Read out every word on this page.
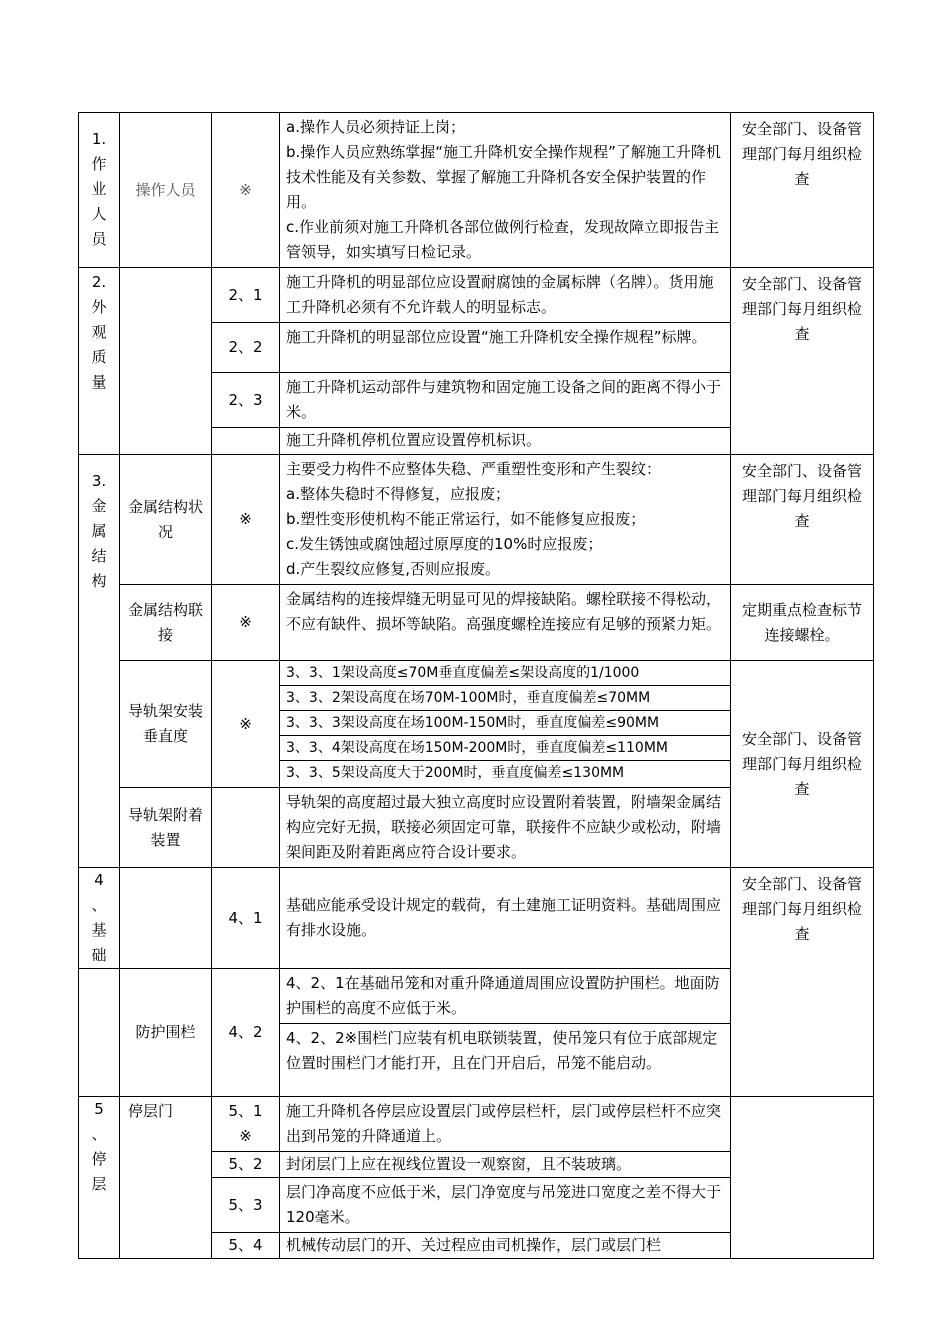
1.作业人员	操作人员	※	a.操作人员必须持证上岗；
b.操作人员应熟练掌握“施工升降机安全操作规程”了解施工升降机技术性能及有关参数、掌握了解施工升降机各安全保护装置的作用。
c.作业前须对施工升降机各部位做例行检查，发现故障立即报告主管领导，如实填写日检记录。	安全部门、设备管理部门每月组织检查

2.外观质量		2、1	施工升降机的明显部位应设置耐腐蚀的金属标牌（名牌）。货用施工升降机必须有不允许载人的明显标志。	安全部门、设备管理部门每月组织检查
		2、2	施工升降机的明显部位应设置“施工升降机安全操作规程”标牌。	
		2、3	施工升降机运动部件与建筑物和固定施工设备之间的距离不得小于米。	
			施工升降机停机位置应设置停机标识。	

3.金属结构	金属结构状况	※	主要受力构件不应整体失稳、严重塑性变形和产生裂纹：
a.整体失稳时不得修复，应报废；
b.塑性变形使机构不能正常运行，如不能修复应报废；
c.发生锈蚀或腐蚀超过原厚度的10%时应报废；
d.产生裂纹应修复,否则应报废。	安全部门、设备管理部门每月组织检查
	金属结构联接	※	金属结构的连接焊缝无明显可见的焊接缺陷。螺栓联接不得松动，不应有缺件、损坏等缺陷。高强度螺栓连接应有足够的预紧力矩。	定期重点检查标节连接螺栓。
	导轨架安装垂直度	※	3、3、1架设高度≤70M垂直度偏差≤架设高度的1/1000
3、3、2架设高度在场70M-100M时，垂直度偏差≤70MM
3、3、3架设高度在场100M-150M时，垂直度偏差≤90MM
3、3、4架设高度在场150M-200M时，垂直度偏差≤110MM
3、3、5架设高度大于200M时，垂直度偏差≤130MM	安全部门、设备管理部门每月组织检查
	导轨架附着装置		导轨架的高度超过最大独立高度时应设置附着装置，附墙架金属结构应完好无损，联接必须固定可靠，联接件不应缺少或松动，附墙架间距及附着距离应符合设计要求。	

4
、
基础		4、1	基础应能承受设计规定的载荷，有土建施工证明资料。基础周围应有排水设施。	安全部门、设备管理部门每月组织检查
	防护围栏	4、2	4、2、1在基础吊笼和对重升降通道周围应设置防护围栏。地面防护围栏的高度不应低于米。
4、2、2※围栏门应装有机电联锁装置，使吊笼只有位于底部规定位置时围栏门才能打开，且在门开启后，吊笼不能启动。	

5
、
停层	停层门	5、1
※	施工升降机各停层应设置层门或停层栏杆，层门或停层栏杆不应突出到吊笼的升降通道上。	
		5、2	封闭层门上应在视线位置设一观察窗，且不装玻璃。	
		5、3	层门净高度不应低于米，层门净宽度与吊笼进口宽度之差不得大于120毫米。	
		5、4	机械传动层门的开、关过程应由司机操作，层门或层门栏	
